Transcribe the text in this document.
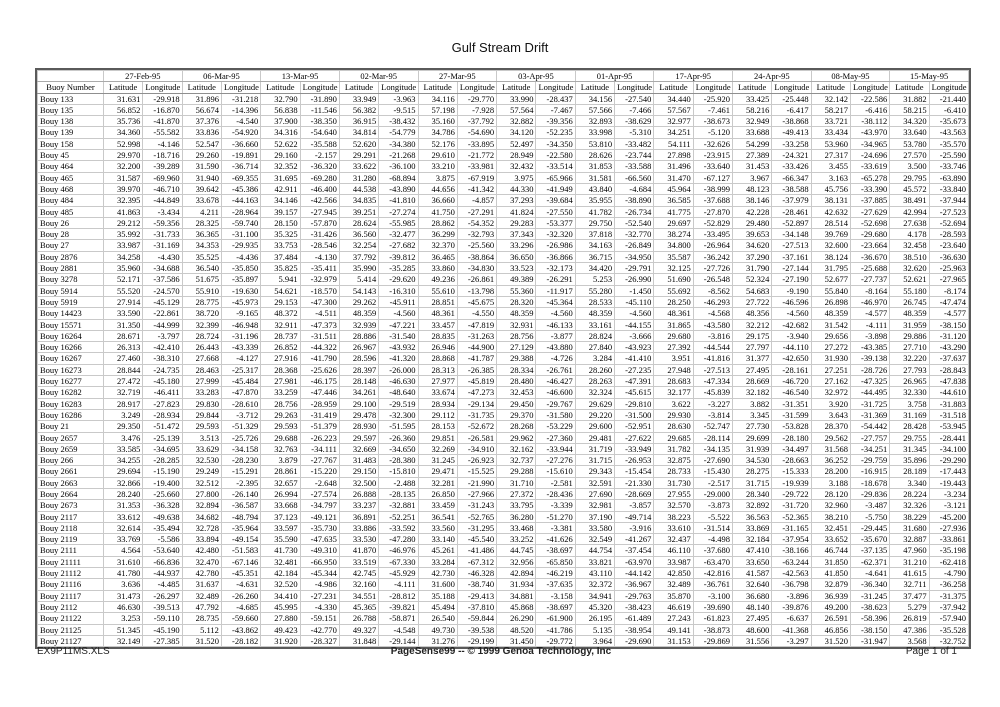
Gulf Stream Drift
	27-Feb-95		06-Mar-95		13-Mar-95		02-Mar-95		27-Mar-95		03-Apr-95		01-Apr-95		17-Apr-95		24-Apr-95		08-May-95		15-May-95	
Buoy Number	Latitude	Longitude	Latitude	Longitude	Latitude	Longitude	Latitude	Longitude	Latitude	Longitude	Latitude	Longitude	Latitude	Longitude	Latitude	Longitude	Latitude	Longitude	Latitude	Longitude	Latitude	Longitude
Bouy 133	31.631	-29.918	31.896	-31.218	32.790	-31.890	33.949	-3.963	34.116	-29.770	33.990	-28.437	34.156	-27.540	34.440	-25.920	33.425	-25.448	32.142	-22.586	31.882	-21.440
Bouy 135	56.852	-16.870	56.674	-14.396	56.838	-11.546	56.382	-9.515	57.198	-7.928	57.564	-7.467	57.566	-7.466	57.567	-7.461	58.216	-6.417	58.217	-6.416	58.215	-6.410
Bouy 138	35.736	-41.870	37.376	-4.540	37.900	-38.350	36.915	-38.432	35.160	-37.792	32.882	-39.356	32.893	-38.629	32.977	-38.673	32.949	-38.868	33.721	-38.112	34.320	-35.673
Bouy 139	34.360	-55.582	33.836	-54.920	34.316	-54.640	34.814	-54.779	34.786	-54.690	34.120	-52.235	33.998	-5.310	34.251	-5.120	33.688	-49.413	33.434	-43.970	33.640	-43.563
Bouy 158	52.998	-4.146	52.547	-36.660	52.622	-35.588	52.620	-34.380	52.176	-33.895	52.497	-34.350	53.810	-33.482	54.111	-32.626	54.299	-33.258	53.960	-34.965	53.780	-35.570
Bouy 45	29.970	-18.716	29.260	-19.891	29.160	-2.157	29.291	-21.268	29.610	-21.772	28.949	-22.580	28.626	-23.744	27.898	-23.915	27.389	-24.321	27.317	-24.696	27.570	-25.590
Bouy 464	32.200	-39.289	31.590	-36.714	32.352	-36.320	33.622	-36.100	33.210	-33.981	32.432	-33.514	31.853	-33.588	31.496	-33.640	31.453	-33.426	3.455	-33.619	3.500	-33.746
Bouy 465	31.587	-69.960	31.940	-69.355	31.695	-69.280	31.280	-68.894	3.875	-67.919	3.975	-65.966	31.581	-66.560	31.470	-67.127	3.967	-66.347	3.163	-65.278	29.795	-63.890
Bouy 468	39.970	-46.710	39.642	-45.386	42.911	-46.400	44.538	-43.890	44.656	-41.342	44.330	-41.949	43.840	-4.684	45.964	-38.999	48.123	-38.588	45.756	-33.390	45.572	-33.840
Bouy 484	32.395	-44.849	33.678	-44.163	34.146	-42.566	34.835	-41.810	36.660	-4.857	37.293	-39.684	35.955	-38.890	36.585	-37.688	38.146	-37.979	38.131	-37.885	38.491	-37.944
Bouy 485	41.863	-3.434	4.211	-28.964	39.157	-27.945	39.251	-27.274	41.750	-27.291	41.824	-27.550	41.782	-26.734	41.775	-27.870	42.228	-28.461	42.632	-27.629	42.994	-27.523
Bouy 26	29.212	-59.356	28.325	-59.740	28.150	-57.870	28.624	-55.985	28.862	-54.352	29.283	-53.377	29.750	-52.540	29.697	-52.829	29.480	-52.897	28.514	-52.698	27.638	-52.694
Bouy 28	35.992	-31.733	36.365	-31.100	35.325	-31.426	36.560	-32.477	36.299	-32.793	37.343	-32.320	37.818	-32.770	38.274	-33.495	39.653	-34.148	39.769	-29.680	4.178	-28.593
Bouy 27	33.987	-31.169	34.353	-29.935	33.753	-28.546	32.254	-27.682	32.370	-25.560	33.296	-26.986	34.163	-26.849	34.800	-26.964	34.620	-27.513	32.600	-23.664	32.458	-23.640
Bouy 2876	34.258	-4.430	35.525	-4.436	37.484	-4.130	37.792	-39.812	36.465	-38.864	36.650	-36.866	36.715	-34.950	35.587	-36.242	37.290	-37.161	38.124	-36.670	38.510	-36.630
Bouy 2881	35.960	-34.688	36.540	-35.850	35.825	-35.411	35.990	-35.285	33.860	-34.830	33.523	-32.173	34.420	-29.791	32.125	-27.726	31.790	-27.144	31.795	-25.688	32.620	-25.963
Bouy 3278	52.171	-37.586	51.675	-35.897	5.941	-32.979	5.414	-29.620	49.236	-26.861	49.389	-26.291	5.253	-26.990	51.690	-26.548	52.324	-27.190	52.677	-27.737	52.621	-27.965
Bouy 5914	55.520	-24.570	55.910	-19.630	54.621	-18.570	54.143	-16.310	55.610	-13.798	55.360	-11.917	55.280	-1.450	55.692	-8.562	54.683	-9.190	55.840	-8.164	55.180	-8.174
Bouy 5919	27.914	-45.129	28.775	-45.973	29.153	-47.300	29.262	-45.911	28.851	-45.675	28.320	-45.364	28.533	-45.110	28.250	-46.293	27.722	-46.596	26.898	-46.970	26.745	-47.474
Bouy 14423	33.590	-22.861	38.720	-9.165	48.372	-4.511	48.359	-4.560	48.361	-4.550	48.359	-4.560	48.359	-4.560	48.361	-4.568	48.356	-4.560	48.359	-4.577	48.359	-4.577
Bouy 15571	31.350	-44.999	32.399	-46.948	32.911	-47.373	32.939	-47.221	33.457	-47.819	32.931	-46.133	33.161	-44.155	31.865	-43.580	32.212	-42.682	31.542	-4.111	31.959	-38.150
Bouy 16264	28.671	-3.797	28.724	-31.196	28.737	-31.511	28.886	-31.540	28.835	-31.263	28.756	-3.877	28.824	-3.666	29.680	-3.816	29.175	-3.940	29.656	-3.898	29.886	-31.120
Bouy 16266	26.313	-42.410	26.443	-43.339	26.852	-44.322	26.967	-43.932	26.946	-44.900	27.129	-43.880	27.840	-43.923	27.392	-44.544	27.797	-44.110	27.272	-43.385	27.710	-43.290
Bouy 16267	27.460	-38.310	27.668	-4.127	27.916	-41.790	28.596	-41.320	28.868	-41.787	29.388	-4.726	3.284	-41.410	3.951	-41.816	31.377	-42.650	31.930	-39.138	32.220	-37.637
Bouy 16273	28.844	-24.735	28.463	-25.317	28.368	-25.626	28.397	-26.000	28.313	-26.385	28.334	-26.761	28.260	-27.235	27.948	-27.513	27.495	-28.161	27.251	-28.726	27.793	-28.843
Bouy 16277	27.472	-45.180	27.999	-45.484	27.981	-46.175	28.148	-46.630	27.977	-45.819	28.480	-46.427	28.263	-47.391	28.683	-47.334	28.669	-46.720	27.162	-47.325	26.965	-47.838
Bouy 16282	32.719	-46.411	33.283	-47.870	33.259	-47.446	34.261	-48.640	33.674	-47.273	32.453	-46.600	32.324	-45.615	32.177	-45.839	32.182	-46.540	32.972	-44.495	32.330	-44.610
Bouy 16283	28.917	-27.823	29.830	-28.610	28.756	-28.959	29.100	-29.519	28.934	-29.134	29.450	-29.767	29.629	-29.810	3.622	-3.227	3.882	-31.351	3.920	-31.725	3.758	-31.883
Bouy 16286	3.249	-28.934	29.844	-3.712	29.263	-31.419	29.478	-32.300	29.112	-31.735	29.370	-31.580	29.220	-31.500	29.930	-3.814	3.345	-31.599	3.643	-31.369	31.169	-31.518
Bouy 21	29.350	-51.472	29.593	-51.329	29.593	-51.379	28.930	-51.595	28.153	-52.672	28.268	-53.229	29.600	-52.951	28.630	-52.747	27.730	-53.828	28.370	-54.442	28.428	-53.945
Bouy 2657	3.476	-25.139	3.513	-25.726	29.688	-26.223	29.597	-26.360	29.851	-26.581	29.962	-27.360	29.481	-27.622	29.685	-28.114	29.699	-28.180	29.562	-27.757	29.755	-28.441
Bouy 2659	33.585	-34.695	33.629	-34.158	32.763	-34.111	32.669	-34.650	32.269	-34.910	32.162	-33.944	31.719	-33.949	31.782	-34.135	31.939	-34.497	31.568	-34.251	31.345	-34.100
Bouy 266	34.255	-28.285	32.530	-28.230	3.879	-27.767	31.483	-28.380	31.245	-26.923	32.737	-27.276	31.715	-26.953	32.875	-27.690	34.530	-28.663	36.252	-29.759	35.896	-29.290
Bouy 2661	29.694	-15.190	29.249	-15.291	28.861	-15.220	29.150	-15.810	29.471	-15.525	29.288	-15.610	29.343	-15.454	28.733	-15.430	28.275	-15.333	28.200	-16.915	28.189	-17.443
Bouy 2663	32.866	-19.400	32.512	-2.395	32.657	-2.648	32.500	-2.488	32.281	-21.990	31.710	-2.581	32.591	-21.330	31.730	-2.517	31.715	-19.939	3.188	-18.678	3.340	-19.443
Bouy 2664	28.240	-25.660	27.800	-26.140	26.994	-27.574	26.888	-28.135	26.850	-27.966	27.372	-28.436	27.690	-28.669	27.955	-29.000	28.340	-29.722	28.120	-29.836	28.224	-3.234
Bouy 2673	31.353	-36.328	32.894	-36.587	33.668	-34.797	33.237	-32.881	33.459	-31.243	33.795	-3.339	32.981	-3.857	32.570	-3.873	32.892	-31.720	32.960	-3.487	32.326	-3.121
Bouy 2117	33.612	-49.638	34.682	-48.794	37.123	-49.121	36.891	-52.251	36.541	-52.765	36.280	-51.270	37.190	-49.714	38.223	-5.522	36.563	-52.365	38.210	-5.750	38.229	-45.200
Bouy 2118	32.614	-35.494	32.728	-35.964	33.597	-35.730	33.886	-33.592	33.560	-31.295	33.468	-3.381	33.580	-3.916	33.610	-31.514	33.869	-31.165	32.451	-29.445	31.680	-27.936
Bouy 2119	33.769	-5.586	33.894	-49.154	35.590	-47.635	33.530	-47.280	33.140	-45.540	33.252	-41.626	32.549	-41.267	32.437	-4.498	32.184	-37.954	33.652	-35.670	32.887	-33.861
Bouy 2111	4.564	-53.640	42.480	-51.583	41.730	-49.310	41.870	-46.976	45.261	-41.486	44.745	-38.697	44.754	-37.454	46.110	-37.680	47.410	-38.166	46.744	-37.135	47.960	-35.198
Bouy 21111	31.610	-66.836	32.470	-67.146	32.481	-66.950	33.519	-67.330	33.284	-67.312	32.956	-65.850	33.821	-63.970	33.987	-63.470	33.650	-63.244	31.850	-62.371	31.210	-62.418
Bouy 21112	41.780	-44.937	42.780	-45.351	42.184	-45.344	42.745	-45.929	42.730	-46.328	42.894	-46.219	43.110	-44.142	42.850	-42.816	41.587	-42.563	41.850	-4.641	41.615	-4.790
Bouy 21116	3.636	-4.485	31.637	-4.631	32.520	-4.986	32.160	-4.111	31.600	-38.740	31.934	-37.635	32.372	-36.967	32.489	-36.761	32.640	-36.798	32.879	-36.340	32.711	-36.258
Bouy 21117	31.473	-26.297	32.489	-26.260	34.410	-27.231	34.551	-28.812	35.188	-29.413	34.881	-3.158	34.941	-29.763	35.870	-3.100	36.680	-3.896	36.939	-31.245	37.477	-31.375
Bouy 2112	46.630	-39.513	47.792	-4.685	45.995	-4.330	45.365	-39.821	45.494	-37.810	45.868	-38.697	45.320	-38.423	46.619	-39.690	48.140	-39.876	49.200	-38.623	5.279	-37.942
Bouy 21122	3.253	-59.110	28.735	-59.660	27.880	-59.151	26.788	-58.871	26.540	-59.844	26.290	-61.900	26.195	-61.489	27.243	-61.823	27.495	-6.637	26.591	-58.396	26.819	-57.940
Bouy 21125	51.345	-45.190	5.112	-43.862	49.423	-42.770	49.327	-4.548	49.730	-39.538	48.520	-41.786	5.135	-38.954	49.141	-38.873	48.600	-41.368	46.856	-38.150	47.386	-35.528
Bouy 21127	32.149	-27.385	31.520	-28.182	31.920	-28.327	31.848	-29.144	31.276	-29.199	31.450	-29.772	3.964	-29.690	31.153	-29.869	31.556	-3.297	31.520	-31.947	3.568	-32.752
EX9P11MS.XLS	PageSense99 -- © 1999 Genoa Technology, Inc	Page 1 of 1
